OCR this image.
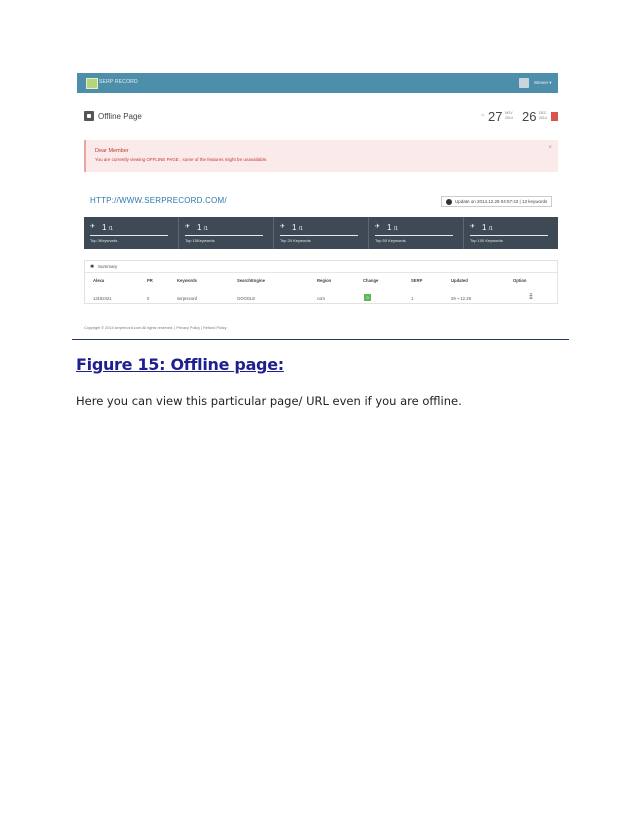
SERP RECORD	Steven ▾
Offline Page	~ 27 NOV 2014 26 DEC 2014
Dear Member
You are currently viewing OFFLINE PAGE , some of the features might be unavailable.
×
HTTP://WWW.SERPRECORD.COM/	Update on 2014.12.29 04:57:43 | 13 keywords
✈ 1 /1
Top 3Keywords
✈ 1 /1
Top 10Keywords
✈ 1 /1
Top 20 Keywords
✈ 1 /1
Top 50 Keywords
✈ 1 /1
Top 100 Keywords
✱ Summary
Alexa	PR	Keywords	SearchEngine	Region	Change	SERP	Updated	Option
13182421	0	serprecord	GOOGLE	com	0	1	29 ~ 12.29	⁞⁞⁞
Copyright © 2014 serprecord.com All rights reserved. | Privacy Policy | Refund Policy
Figure 15: Offline page:
Here you can view this particular page/ URL even if you are offline.
